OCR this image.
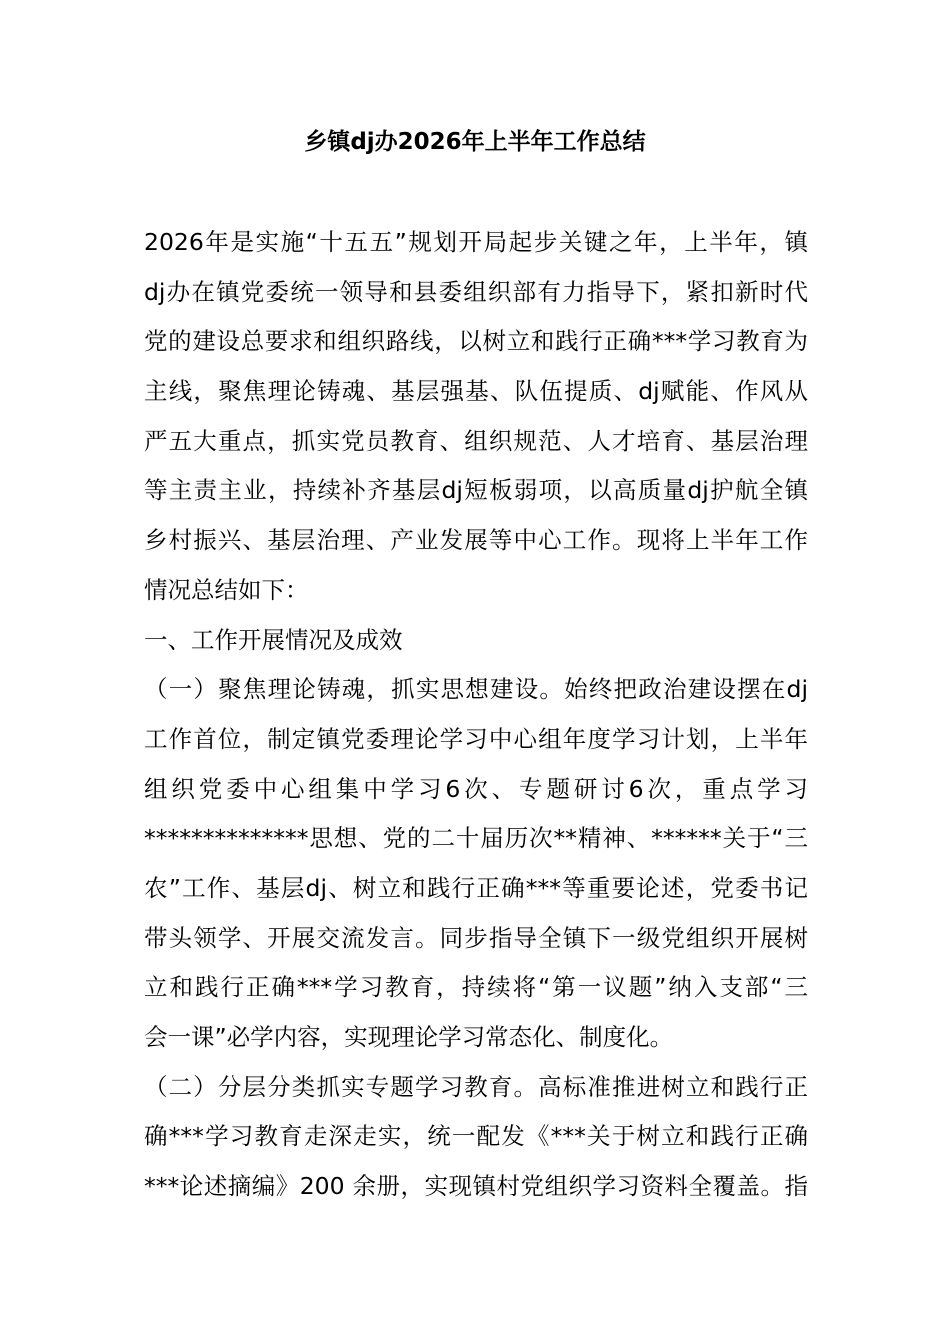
乡镇dj办2026年上半年工作总结
2026年是实施“十五五”规划开局起步关键之年，上半年，镇
dj办在镇党委统一领导和县委组织部有力指导下，紧扣新时代
党的建设总要求和组织路线，以树立和践行正确***学习教育为
主线，聚焦理论铸魂、基层强基、队伍提质、dj赋能、作风从
严五大重点，抓实党员教育、组织规范、人才培育、基层治理
等主责主业，持续补齐基层dj短板弱项，以高质量dj护航全镇
乡村振兴、基层治理、产业发展等中心工作。现将上半年工作
情况总结如下：
一、工作开展情况及成效
（一）聚焦理论铸魂，抓实思想建设。始终把政治建设摆在dj
工作首位，制定镇党委理论学习中心组年度学习计划，上半年
组织党委中心组集中学习6次、专题研讨6次，重点学习
**************思想、党的二十届历次**精神、******关于“三
农”工作、基层dj、树立和践行正确***等重要论述，党委书记
带头领学、开展交流发言。同步指导全镇下一级党组织开展树
立和践行正确***学习教育，持续将“第一议题”纳入支部“三
会一课”必学内容，实现理论学习常态化、制度化。
（二）分层分类抓实专题学习教育。高标准推进树立和践行正
确***学习教育走深走实，统一配发《***关于树立和践行正确
***论述摘编》200 余册，实现镇村党组织学习资料全覆盖。指
